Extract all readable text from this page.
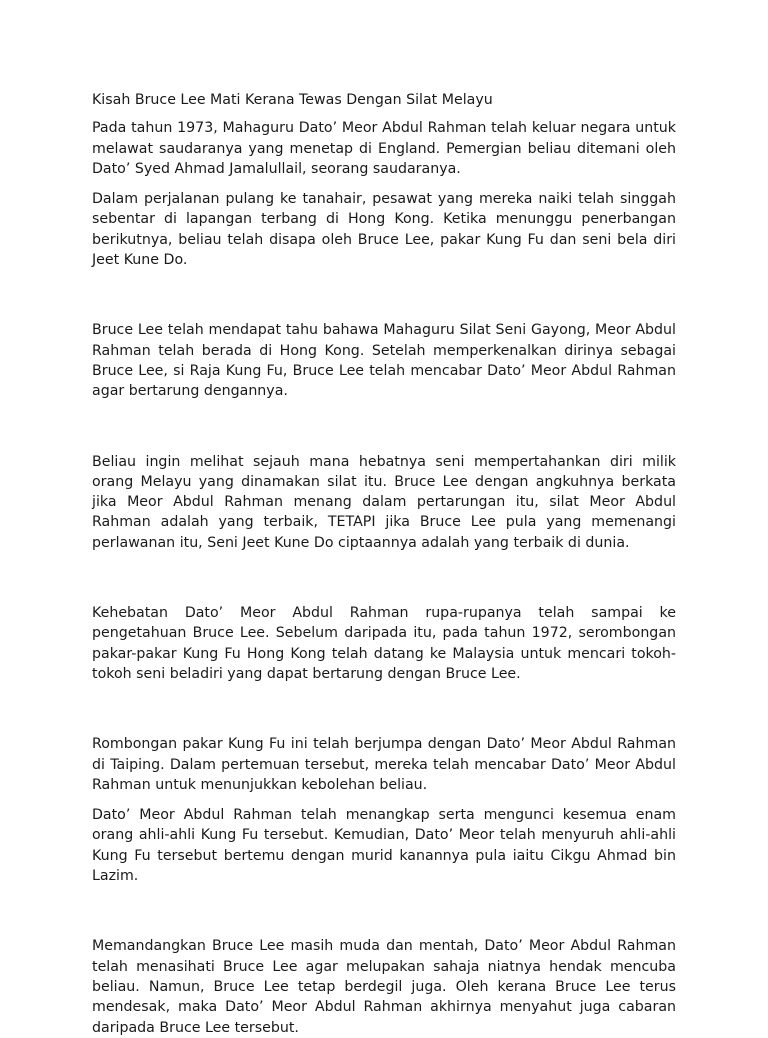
Kisah Bruce Lee Mati Kerana Tewas Dengan Silat Melayu

Pada tahun 1973, Mahaguru Dato’ Meor Abdul Rahman telah keluar negara untuk melawat saudaranya yang menetap di England. Pemergian beliau ditemani oleh Dato’ Syed Ahmad Jamalullail, seorang saudaranya.

Dalam perjalanan pulang ke tanahair, pesawat yang mereka naiki telah singgah sebentar di lapangan terbang di Hong Kong. Ketika menunggu penerbangan berikutnya, beliau telah disapa oleh Bruce Lee, pakar Kung Fu dan seni bela diri Jeet Kune Do.

Bruce Lee telah mendapat tahu bahawa Mahaguru Silat Seni Gayong, Meor Abdul Rahman telah berada di Hong Kong. Setelah memperkenalkan dirinya sebagai Bruce Lee, si Raja Kung Fu, Bruce Lee telah mencabar Dato’ Meor Abdul Rahman agar bertarung dengannya.

Beliau ingin melihat sejauh mana hebatnya seni mempertahankan diri milik orang Melayu yang dinamakan silat itu. Bruce Lee dengan angkuhnya berkata jika Meor Abdul Rahman menang dalam pertarungan itu, silat Meor Abdul Rahman adalah yang terbaik, TETAPI jika Bruce Lee pula yang memenangi perlawanan itu, Seni Jeet Kune Do ciptaannya adalah yang terbaik di dunia.

Kehebatan Dato’ Meor Abdul Rahman rupa-rupanya telah sampai ke pengetahuan Bruce Lee. Sebelum daripada itu, pada tahun 1972, serombongan pakar-pakar Kung Fu Hong Kong telah datang ke Malaysia untuk mencari tokoh-tokoh seni beladiri yang dapat bertarung dengan Bruce Lee.

Rombongan pakar Kung Fu ini telah berjumpa dengan Dato’ Meor Abdul Rahman di Taiping. Dalam pertemuan tersebut, mereka telah mencabar Dato’ Meor Abdul Rahman untuk menunjukkan kebolehan beliau.

Dato’ Meor Abdul Rahman telah menangkap serta mengunci kesemua enam orang ahli-ahli Kung Fu tersebut. Kemudian, Dato’ Meor telah menyuruh ahli-ahli Kung Fu tersebut bertemu dengan murid kanannya pula iaitu Cikgu Ahmad bin Lazim.

Memandangkan Bruce Lee masih muda dan mentah, Dato’ Meor Abdul Rahman telah menasihati Bruce Lee agar melupakan sahaja niatnya hendak mencuba beliau. Namun, Bruce Lee tetap berdegil juga. Oleh kerana Bruce Lee terus mendesak, maka Dato’ Meor Abdul Rahman akhirnya menyahut juga cabaran daripada Bruce Lee tersebut.
